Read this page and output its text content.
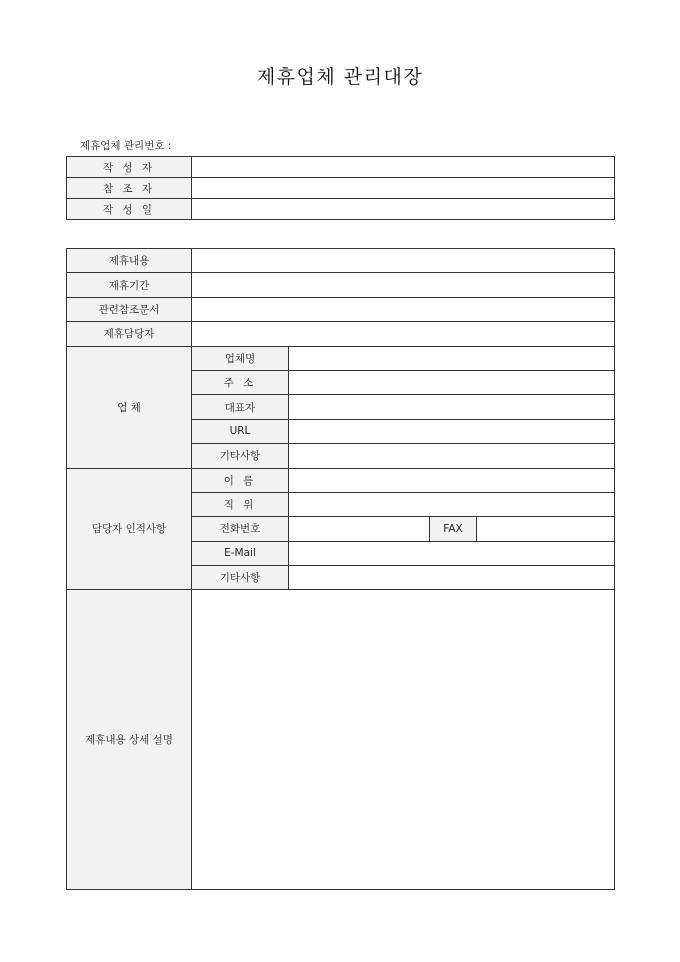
제휴업체 관리대장
제휴업체 관리번호 :
작 성 자	
참 조 자	
작 성 일	
제휴내용				
제휴기간				
관련참조문서				
제휴담당자				
업 체	업체명			
	주 소			
	대표자			
	URL			
	기타사항			
담당자 인적사항	이 름			
	직 위			
	전화번호		FAX	
	E-Mail			
	기타사항			
제휴내용 상세 설명				
